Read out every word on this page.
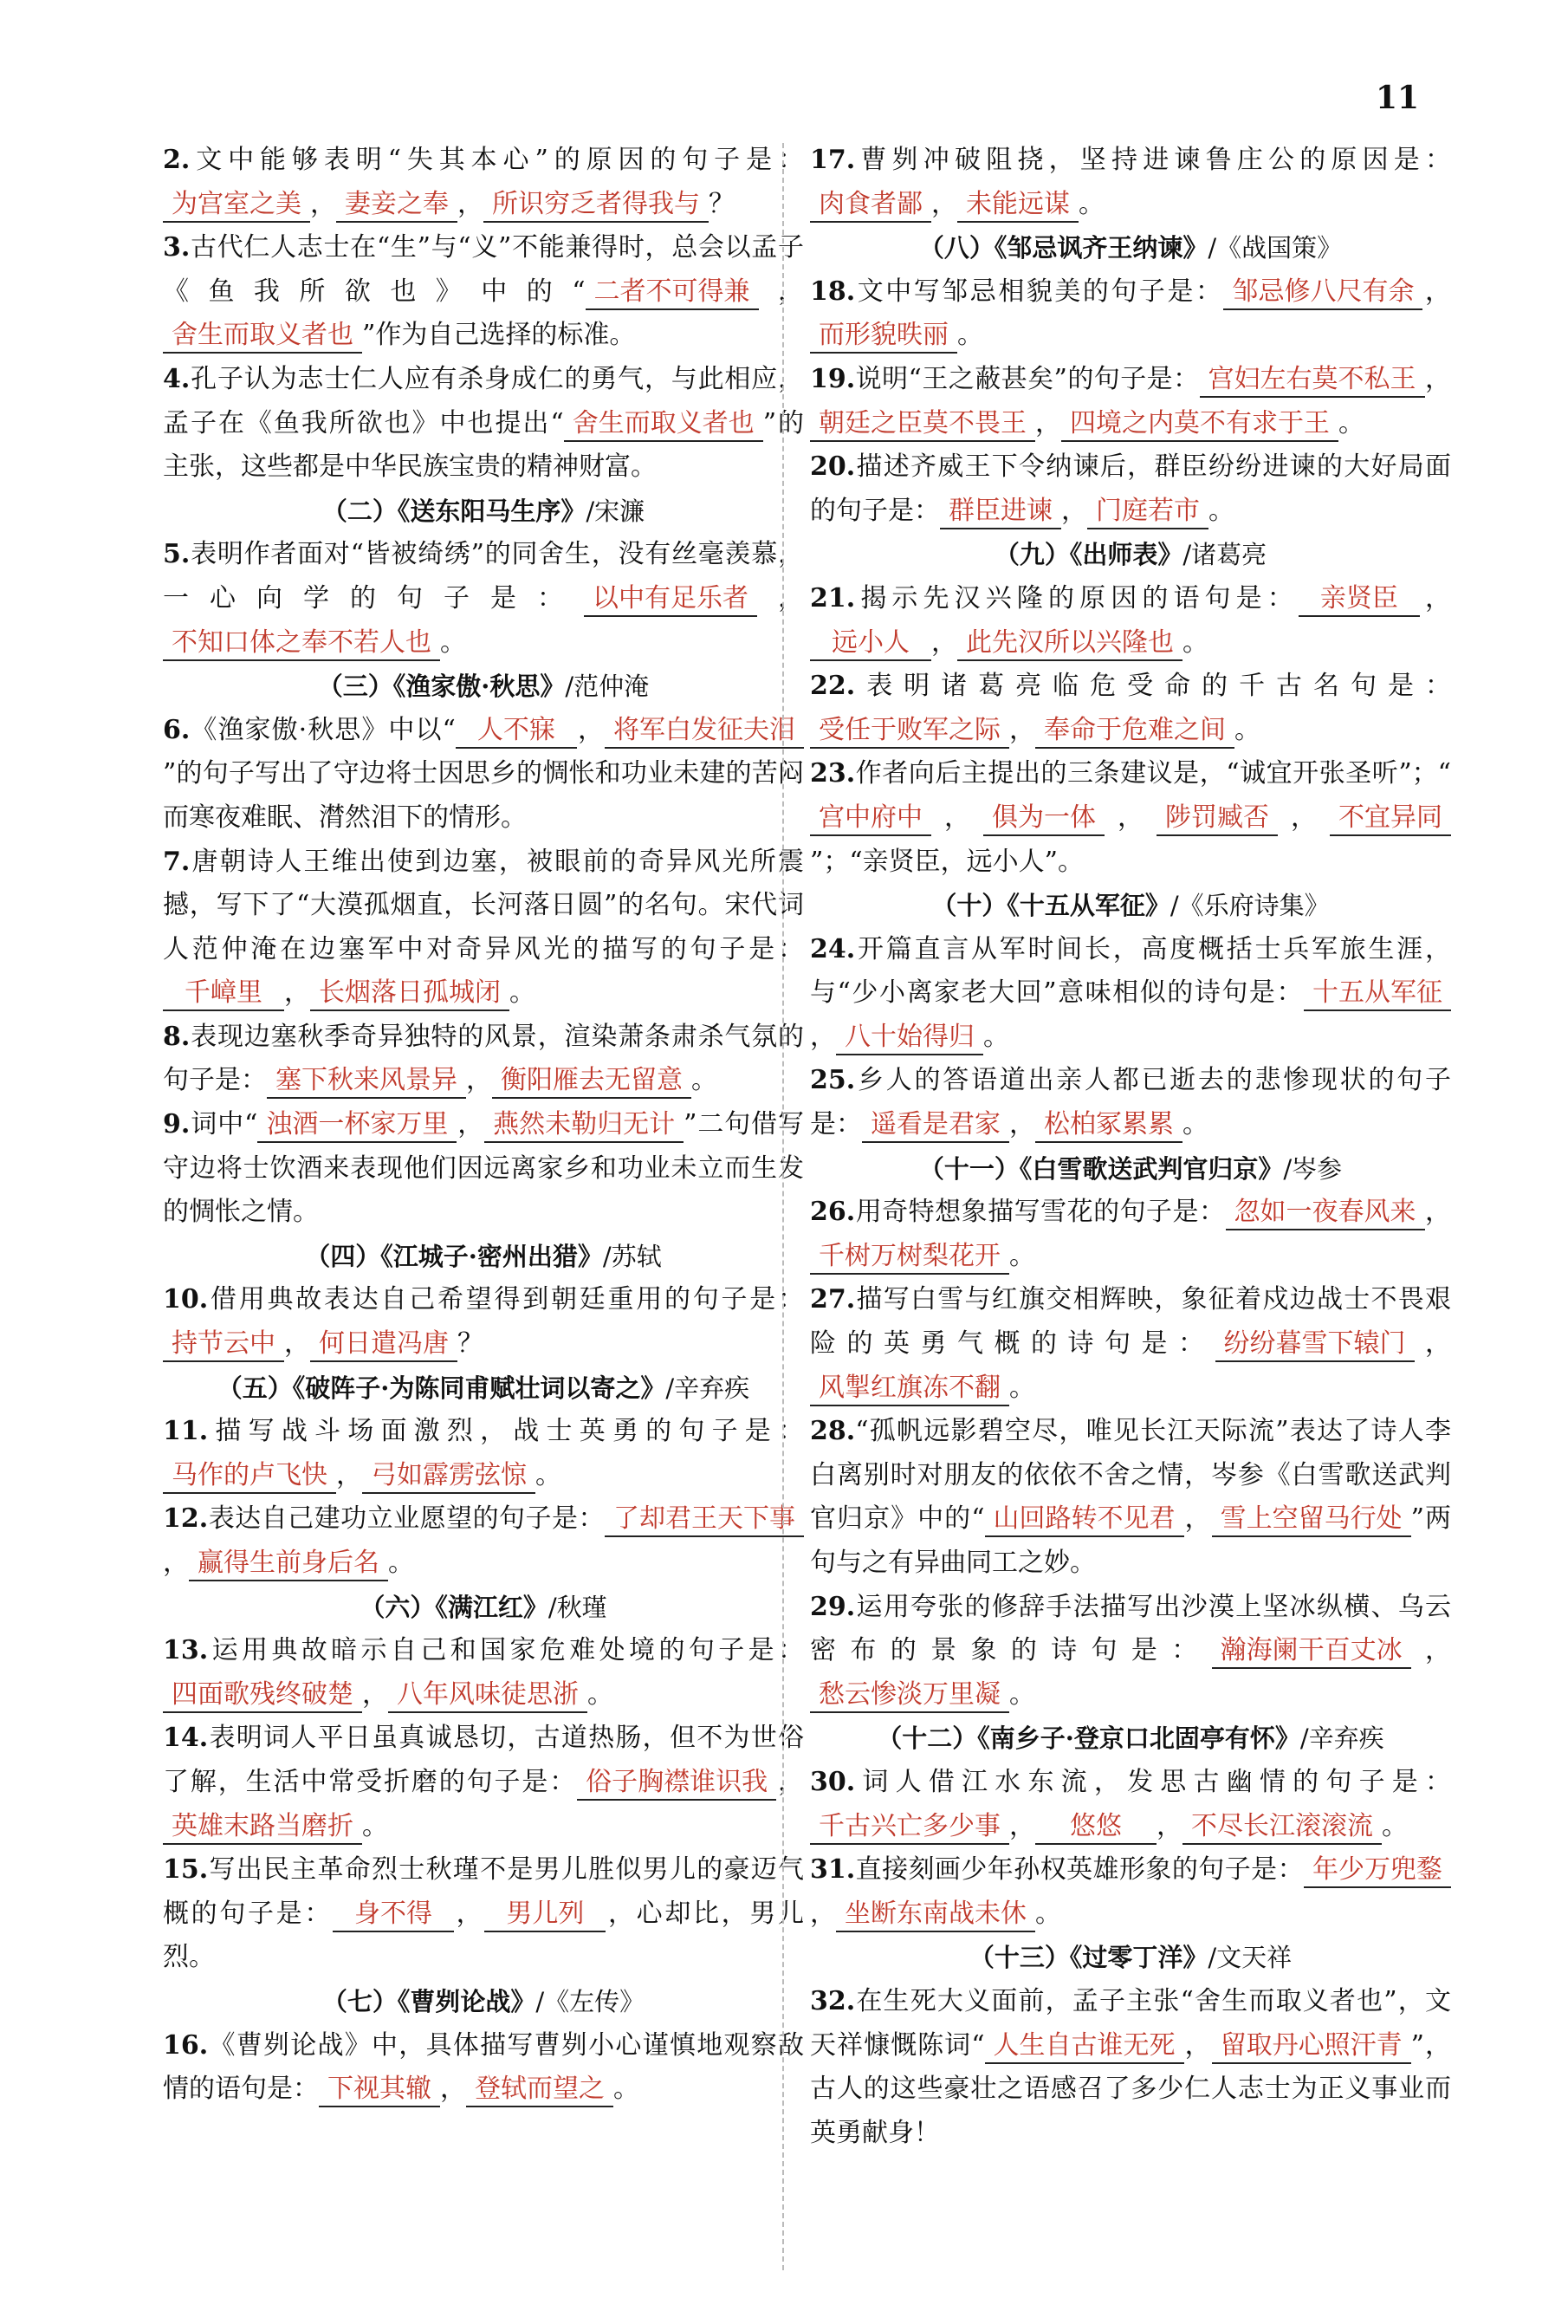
11

2.文中能够表明“失其本心”的原因的句子是：为宫室之美 ， 妻妾之奉 ， 所识穷乏者得我与 ？

3.古代仁人志士在“生”与“义”不能兼得时，总会以孟子《鱼我所欲也》中的“ 二者不可得兼 ，舍生而取义者也 ”作为自己选择的标准。

4.孔子认为志士仁人应有杀身成仁的勇气，与此相应，孟子在《鱼我所欲也》中也提出“ 舍生而取义者也 ”的主张，这些都是中华民族宝贵的精神财富。

（二）《送东阳马生序》/宋濂

5.表明作者面对“皆被绮绣”的同舍生，没有丝毫羡慕，一心向学的句子是： 以中有足乐者 ，不知口体之奉不若人也 。

（三）《渔家傲·秋思》/范仲淹

6.《渔家傲·秋思》中以“ 人不寐 ， 将军白发征夫泪”的句子写出了守边将士因思乡的惆怅和功业未建的苦闷而寒夜难眠、潸然泪下的情形。

7.唐朝诗人王维出使到边塞，被眼前的奇异风光所震撼，写下了“大漠孤烟直，长河落日圆”的名句。宋代词人范仲淹在边塞军中对奇异风光的描写的句子是：千嶂里 ， 长烟落日孤城闭 。

8.表现边塞秋季奇异独特的风景，渲染萧条肃杀气氛的句子是： 塞下秋来风景异 ， 衡阳雁去无留意 。

9.词中“ 浊酒一杯家万里 ， 燕然未勒归无计 ”二句借写守边将士饮酒来表现他们因远离家乡和功业未立而生发的惆怅之情。

（四）《江城子·密州出猎》/苏轼

10.借用典故表达自己希望得到朝廷重用的句子是：持节云中 ， 何日遣冯唐 ？

（五）《破阵子·为陈同甫赋壮词以寄之》/辛弃疾

11.描写战斗场面激烈，战士英勇的句子是：马作的卢飞快 ， 弓如霹雳弦惊 。

12.表达自己建功立业愿望的句子是： 了却君王天下事， 赢得生前身后名 。

（六）《满江红》/秋瑾

13.运用典故暗示自己和国家危难处境的句子是：四面歌残终破楚 ， 八年风味徒思浙 。

14.表明词人平日虽真诚恳切，古道热肠，但不为世俗了解，生活中常受折磨的句子是： 俗子胸襟谁识我 ，英雄末路当磨折 。

15.写出民主革命烈士秋瑾不是男儿胜似男儿的豪迈气概的句子是： 身不得 ， 男儿列 ，心却比，男儿烈。

（七）《曹刿论战》/《左传》

16.《曹刿论战》中，具体描写曹刿小心谨慎地观察敌情的语句是： 下视其辙 ， 登轼而望之 。

17.曹刿冲破阻挠，坚持进谏鲁庄公的原因是：肉食者鄙 ， 未能远谋 。

（八）《邹忌讽齐王纳谏》/《战国策》

18.文中写邹忌相貌美的句子是： 邹忌修八尺有余 ，而形貌昳丽 。

19.说明“王之蔽甚矣”的句子是： 宫妇左右莫不私王 ，朝廷之臣莫不畏王 ， 四境之内莫不有求于王 。

20.描述齐威王下令纳谏后，群臣纷纷进谏的大好局面的句子是： 群臣进谏 ， 门庭若市 。

（九）《出师表》/诸葛亮

21.揭示先汉兴隆的原因的语句是： 亲贤臣 ，远小人 ， 此先汉所以兴隆也 。

22.表明诸葛亮临危受命的千古名句是：受任于败军之际 ， 奉命于危难之间 。

23.作者向后主提出的三条建议是，“诚宜开张圣听”；“宫中府中 ， 俱为一体 ， 陟罚臧否 ， 不宜异同”；“亲贤臣，远小人”。

（十）《十五从军征》/《乐府诗集》

24.开篇直言从军时间长，高度概括士兵军旅生涯，与“少小离家老大回”意味相似的诗句是： 十五从军征， 八十始得归 。

25.乡人的答语道出亲人都已逝去的悲惨现状的句子是： 遥看是君家 ， 松柏冢累累 。

（十一）《白雪歌送武判官归京》/岑参

26.用奇特想象描写雪花的句子是： 忽如一夜春风来 ，千树万树梨花开 。

27.描写白雪与红旗交相辉映，象征着戍边战士不畏艰险的英勇气概的诗句是： 纷纷暮雪下辕门 ，风掣红旗冻不翻 。

28.“孤帆远影碧空尽，唯见长江天际流”表达了诗人李白离别时对朋友的依依不舍之情，岑参《白雪歌送武判官归京》中的“ 山回路转不见君 ， 雪上空留马行处 ”两句与之有异曲同工之妙。

29.运用夸张的修辞手法描写出沙漠上坚冰纵横、乌云密布的景象的诗句是： 瀚海阑干百丈冰 ，愁云惨淡万里凝 。

（十二）《南乡子·登京口北固亭有怀》/辛弃疾

30.词人借江水东流，发思古幽情的句子是：千古兴亡多少事 ， 悠悠 ， 不尽长江滚滚流 。

31.直接刻画少年孙权英雄形象的句子是： 年少万兜鍪， 坐断东南战未休 。

（十三）《过零丁洋》/文天祥

32.在生死大义面前，孟子主张“舍生而取义者也”，文天祥慷慨陈词“ 人生自古谁无死 ， 留取丹心照汗青 ”，古人的这些豪壮之语感召了多少仁人志士为正义事业而英勇献身！
